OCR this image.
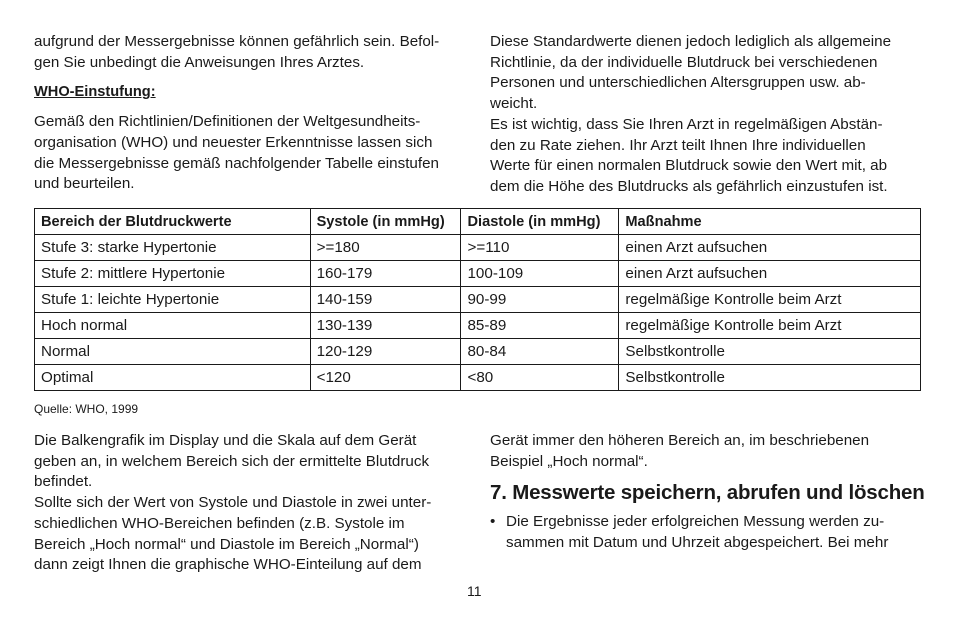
aufgrund der Messergebnisse können gefährlich sein. Befol-
gen Sie unbedingt die Anweisungen Ihres Arztes.

WHO-Einstufung:

Gemäß den Richtlinien/Definitionen der Weltgesundheits-
organisation (WHO) und neuester Erkenntnisse lassen sich
die Messergebnisse gemäß nachfolgender Tabelle einstufen
und beurteilen.

Diese Standardwerte dienen jedoch lediglich als allgemeine
Richtlinie, da der individuelle Blutdruck bei verschiedenen
Personen und unterschiedlichen Altersgruppen usw. ab-
weicht.
Es ist wichtig, dass Sie Ihren Arzt in regelmäßigen Abstän-
den zu Rate ziehen. Ihr Arzt teilt Ihnen Ihre individuellen
Werte für einen normalen Blutdruck sowie den Wert mit, ab
dem die Höhe des Blutdrucks als gefährlich einzustufen ist.

Bereich der Blutdruckwerte	Systole (in mmHg)	Diastole (in mmHg)	Maßnahme
Stufe 3: starke Hypertonie	>=180	>=110	einen Arzt aufsuchen
Stufe 2: mittlere Hypertonie	160-179	100-109	einen Arzt aufsuchen
Stufe 1: leichte Hypertonie	140-159	90-99	regelmäßige Kontrolle beim Arzt
Hoch normal	130-139	85-89	regelmäßige Kontrolle beim Arzt
Normal	120-129	80-84	Selbstkontrolle
Optimal	<120	<80	Selbstkontrolle
Quelle: WHO, 1999

Die Balkengrafik im Display und die Skala auf dem Gerät
geben an, in welchem Bereich sich der ermittelte Blutdruck
befindet.
Sollte sich der Wert von Systole und Diastole in zwei unter-
schiedlichen WHO-Bereichen befinden (z.B. Systole im
Bereich „Hoch normal“ und Diastole im Bereich „Normal“)
dann zeigt Ihnen die graphische WHO-Einteilung auf dem

Gerät immer den höheren Bereich an, im beschriebenen
Beispiel „Hoch normal“.

7. Messwerte speichern, abrufen und löschen
• Die Ergebnisse jeder erfolgreichen Messung werden zu-
sammen mit Datum und Uhrzeit abgespeichert. Bei mehr
11
